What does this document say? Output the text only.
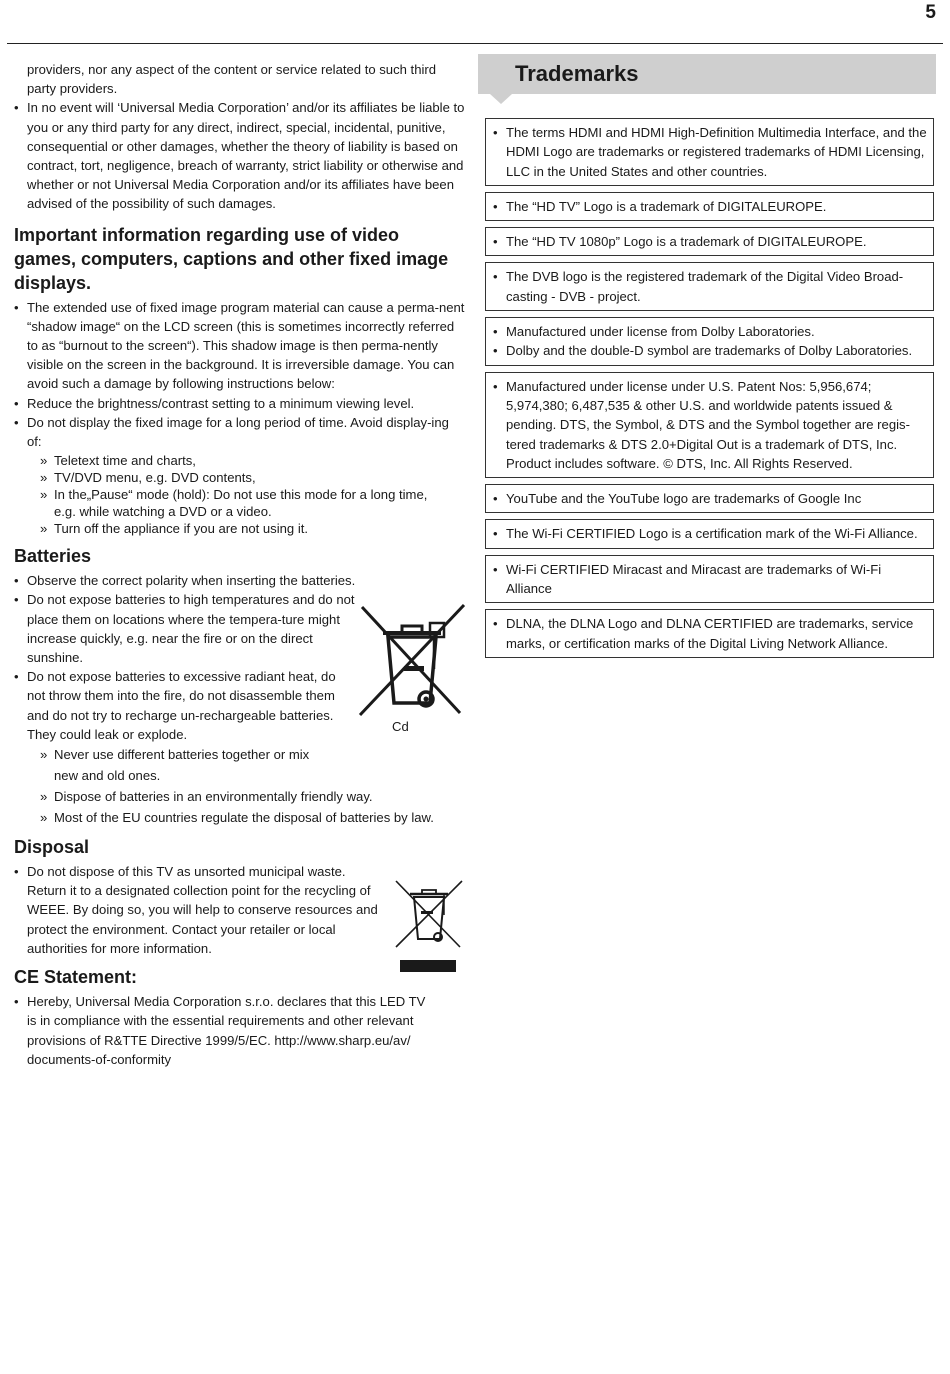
5
providers, nor any aspect of the content or service related to such third party providers.
• In no event will ‘Universal Media Corporation’ and/or its affiliates be liable to you or any third party for any direct, indirect, special, incidental, punitive, consequential or other damages, whether the theory of liability is based on contract, tort, negligence, breach of warranty, strict liability or otherwise and whether or not Universal Media Corporation and/or its affiliates have been advised of the possibility of such damages.
Important information regarding use of video games, computers, captions and other fixed image displays.
• The extended use of fixed image program material can cause a perma-nent “shadow image“ on the LCD screen (this is sometimes incorrectly referred to as “burnout to the screen“). This shadow image is then perma-nently visible on the screen in the background. It is irreversible damage. You can avoid such a damage by following instructions below:
• Reduce the brightness/contrast setting to a minimum viewing level.
• Do not display the fixed image for a long period of time. Avoid display-ing of:
» Teletext time and charts,
» TV/DVD menu, e.g. DVD contents,
» In the„Pause“ mode (hold): Do not use this mode for a long time, e.g. while watching a DVD or a video.
» Turn off the appliance if you are not using it.
Batteries
• Observe the correct polarity when inserting the batteries.
• Do not expose batteries to high temperatures and do not place them on locations where the tempera-ture might increase quickly, e.g. near the fire or on the direct sunshine.
• Do not expose batteries to excessive radiant heat, do not throw them into the fire, do not disassemble them and do not try to recharge un-rechargeable batteries. They could leak or explode.
» Never use different batteries together or mix new and old ones.
» Dispose of batteries in an environmentally friendly way.
» Most of the EU countries regulate the disposal of batteries by law.
Disposal
• Do not dispose of this TV as unsorted municipal waste. Return it to a designated collection point for the recycling of WEEE. By doing so, you will help to conserve resources and protect the environment. Contact your retailer or local authorities for more information.
CE Statement:
• Hereby, Universal Media Corporation s.r.o. declares that this LED TV is in compliance with the essential requirements and other relevant provisions of R&TTE Directive 1999/5/EC. http://www.sharp.eu/av/ documents-of-conformity
Cd
Trademarks
• The terms HDMI and HDMI High-Definition Multimedia Interface, and the HDMI Logo are trademarks or registered trademarks of HDMI Licensing, LLC in the United States and other countries.
• The “HD TV” Logo is a trademark of DIGITALEUROPE.
• The “HD TV 1080p” Logo is a trademark of DIGITALEUROPE.
• The DVB logo is the registered trademark of the Digital Video Broad-casting - DVB - project.
• Manufactured under license from Dolby Laboratories.
• Dolby and the double-D symbol are trademarks of Dolby Laboratories.
• Manufactured under license under U.S. Patent Nos: 5,956,674; 5,974,380; 6,487,535 & other U.S. and worldwide patents issued & pending. DTS, the Symbol, & DTS and the Symbol together are regis-tered trademarks & DTS 2.0+Digital Out is a trademark of DTS, Inc. Product includes software. © DTS, Inc. All Rights Reserved.
• YouTube and the YouTube logo are trademarks of Google Inc
• The Wi-Fi CERTIFIED Logo is a certification mark of the Wi-Fi Alliance.
• Wi-Fi CERTIFIED Miracast and Miracast are trademarks of Wi-Fi Alliance
• DLNA, the DLNA Logo and DLNA CERTIFIED are trademarks, service marks, or certification marks of the Digital Living Network Alliance.
